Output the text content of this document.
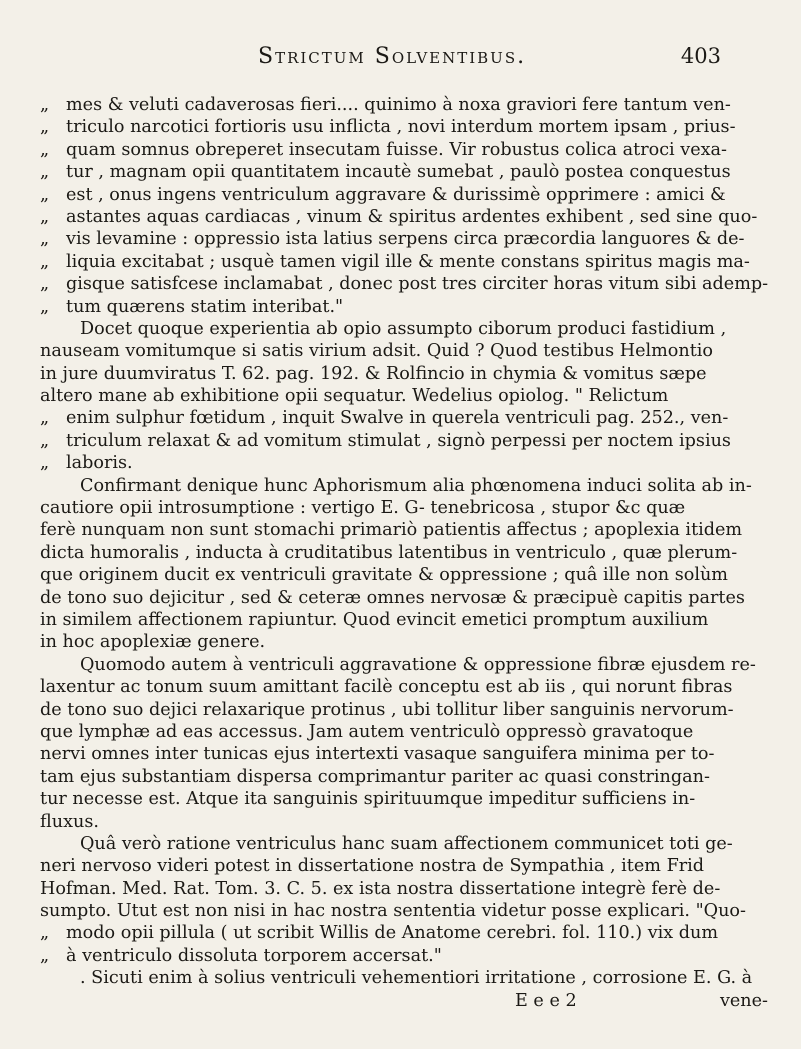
Strictum Solventibus.	403
„ mes & veluti cadaverosas fieri.... quinimo à noxa graviori fere tantum ven-
„ triculo narcotici fortioris usu inflicta , novi interdum mortem ipsam , prius-
„ quam somnus obreperet insecutam fuisse. Vir robustus colica atroci vexa-
„ tur , magnam opii quantitatem incautè sumebat , paulò postea conquestus
„ est , onus ingens ventriculum aggravare & durissimè opprimere : amici &
„ astantes aquas cardiacas , vinum & spiritus ardentes exhibent , sed sine quo-
„ vis levamine : oppressio ista latius serpens circa præcordia languores & de-
„ liquia excitabat ; usquè tamen vigil ille & mente constans spiritus magis ma-
„ gisque satisfcese inclamabat , donec post tres circiter horas vitum sibi ademp-
„ tum quærens statim interibat."
Docet quoque experientia ab opio assumpto ciborum produci fastidium ,
nauseam vomitumque si satis virium adsit. Quid ? Quod testibus Helmontio
in jure duumviratus T. 62. pag. 192. & Rolfincio in chymia & vomitus sæpe
altero mane ab exhibitione opii sequatur. Wedelius opiolog. " Relictum
„ enim sulphur fœtidum , inquit Swalve in querela ventriculi pag. 252., ven-
„ triculum relaxat & ad vomitum stimulat , signò perpessi per noctem ipsius
„ laboris.
Confirmant denique hunc Aphorismum alia phœnomena induci solita ab in-
cautiore opii introsumptione : vertigo E. G- tenebricosa , stupor &c quæ
ferè nunquam non sunt stomachi primariò patientis affectus ; apoplexia itidem
dicta humoralis , inducta à cruditatibus latentibus in ventriculo , quæ plerum-
que originem ducit ex ventriculi gravitate & oppressione ; quâ ille non solùm
de tono suo dejicitur , sed & ceteræ omnes nervosæ & præcipuè capitis partes
in similem affectionem rapiuntur. Quod evincit emetici promptum auxilium
in hoc apoplexiæ genere.
Quomodo autem à ventriculi aggravatione & oppressione fibræ ejusdem re-
laxentur ac tonum suum amittant facilè conceptu est ab iis , qui norunt fibras
de tono suo dejici relaxarique protinus , ubi tollitur liber sanguinis nervorum-
que lymphæ ad eas accessus. Jam autem ventriculò oppressò gravatoque
nervi omnes inter tunicas ejus intertexti vasaque sanguifera minima per to-
tam ejus substantiam dispersa comprimantur pariter ac quasi constringan-
tur necesse est. Atque ita sanguinis spirituumque impeditur sufficiens in-
fluxus.
Quâ verò ratione ventriculus hanc suam affectionem communicet toti ge-
neri nervoso videri potest in dissertatione nostra de Sympathia , item Frid
Hofman. Med. Rat. Tom. 3. C. 5. ex ista nostra dissertatione integrè ferè de-
sumpto. Utut est non nisi in hac nostra sententia videtur posse explicari. "Quo-
„ modo opii pillula ( ut scribit Willis de Anatome cerebri. fol. 110.) vix dum
„ à ventriculo dissoluta torporem accersat."
. Sicuti enim à solius ventriculi vehementiori irritatione , corrosione E. G. à
E e e 2	vene-
